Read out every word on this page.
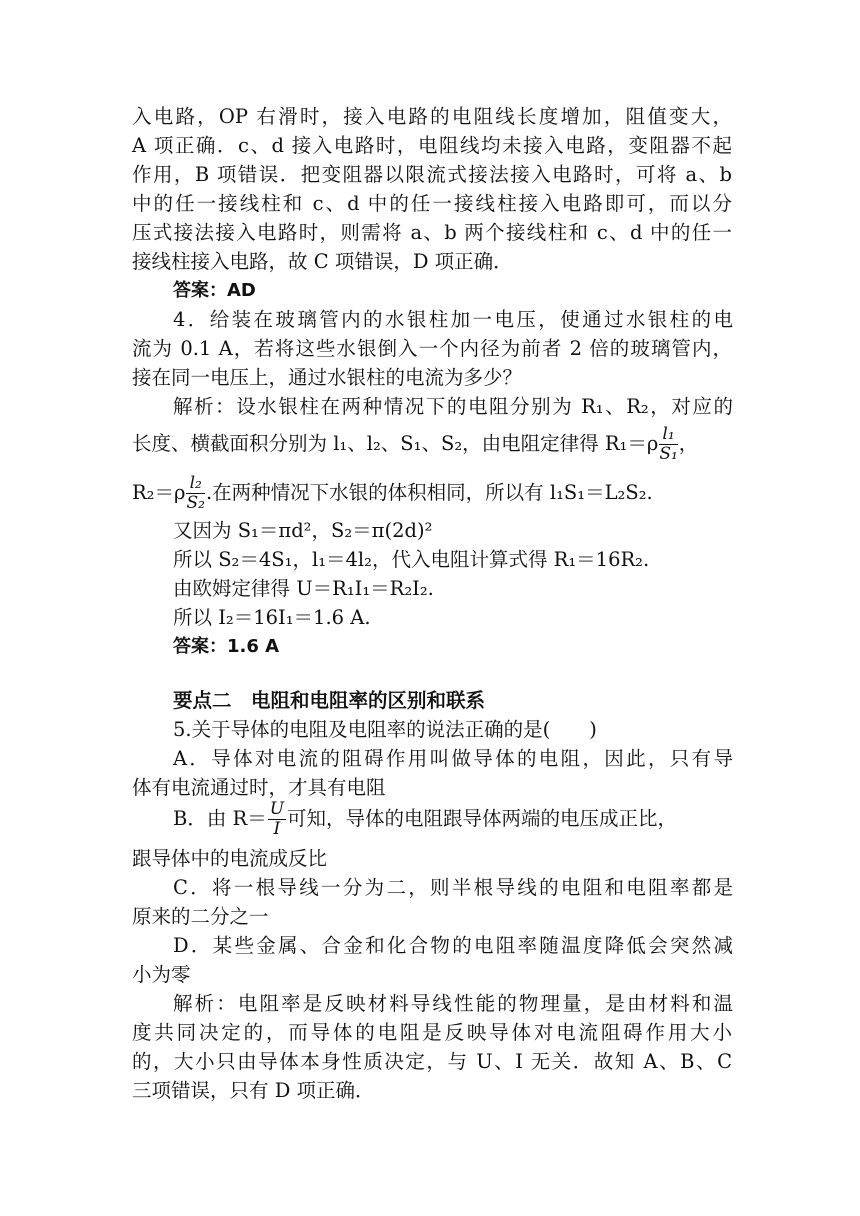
入电路，OP 右滑时，接入电路的电阻线长度增加，阻值变大，
A 项正确．c、d 接入电路时，电阻线均未接入电路，变阻器不起
作用，B 项错误．把变阻器以限流式接法接入电路时，可将 a、b
中的任一接线柱和 c、d 中的任一接线柱接入电路即可，而以分
压式接法接入电路时，则需将 a、b 两个接线柱和 c、d 中的任一
接线柱接入电路，故 C 项错误，D 项正确．
答案：AD
4．给装在玻璃管内的水银柱加一电压，使通过水银柱的电
流为 0.1 A，若将这些水银倒入一个内径为前者 2 倍的玻璃管内，
接在同一电压上，通过水银柱的电流为多少？
解析：设水银柱在两种情况下的电阻分别为 R₁、R₂，对应的
长度、横截面积分别为 l₁、l₂、S₁、S₂，由电阻定律得 $R_1=\rho \frac{\text{l₁}}{\text{S₁}}$ ，
$R_2=\rho \frac{\text{l₂}}{\text{S₂}}$ .在两种情况下水银的体积相同，所以有 l₁S₁＝L₂S₂.
又因为 S₁＝πd²，S₂＝π(2d)²
所以 S₂＝4S₁，l₁＝4l₂，代入电阻计算式得 R₁＝16R₂.
由欧姆定律得 U＝R₁I₁＝R₂I₂.
所以 I₂＝16I₁＝1.6 A.
答案：1.6 A
要点二　电阻和电阻率的区别和联系
5.关于导体的电阻及电阻率的说法正确的是(　　)
A．导体对电流的阻碍作用叫做导体的电阻，因此，只有导
体有电流通过时，才具有电阻
B．由 $R= \frac{U}{I}$ 可知，导体的电阻跟导体两端的电压成正比，
跟导体中的电流成反比
C．将一根导线一分为二，则半根导线的电阻和电阻率都是
原来的二分之一
D．某些金属、合金和化合物的电阻率随温度降低会突然减
小为零
解析：电阻率是反映材料导线性能的物理量，是由材料和温
度共同决定的，而导体的电阻是反映导体对电流阻碍作用大小
的，大小只由导体本身性质决定，与 U、I 无关．故知 A、B、C
三项错误，只有 D 项正确．
